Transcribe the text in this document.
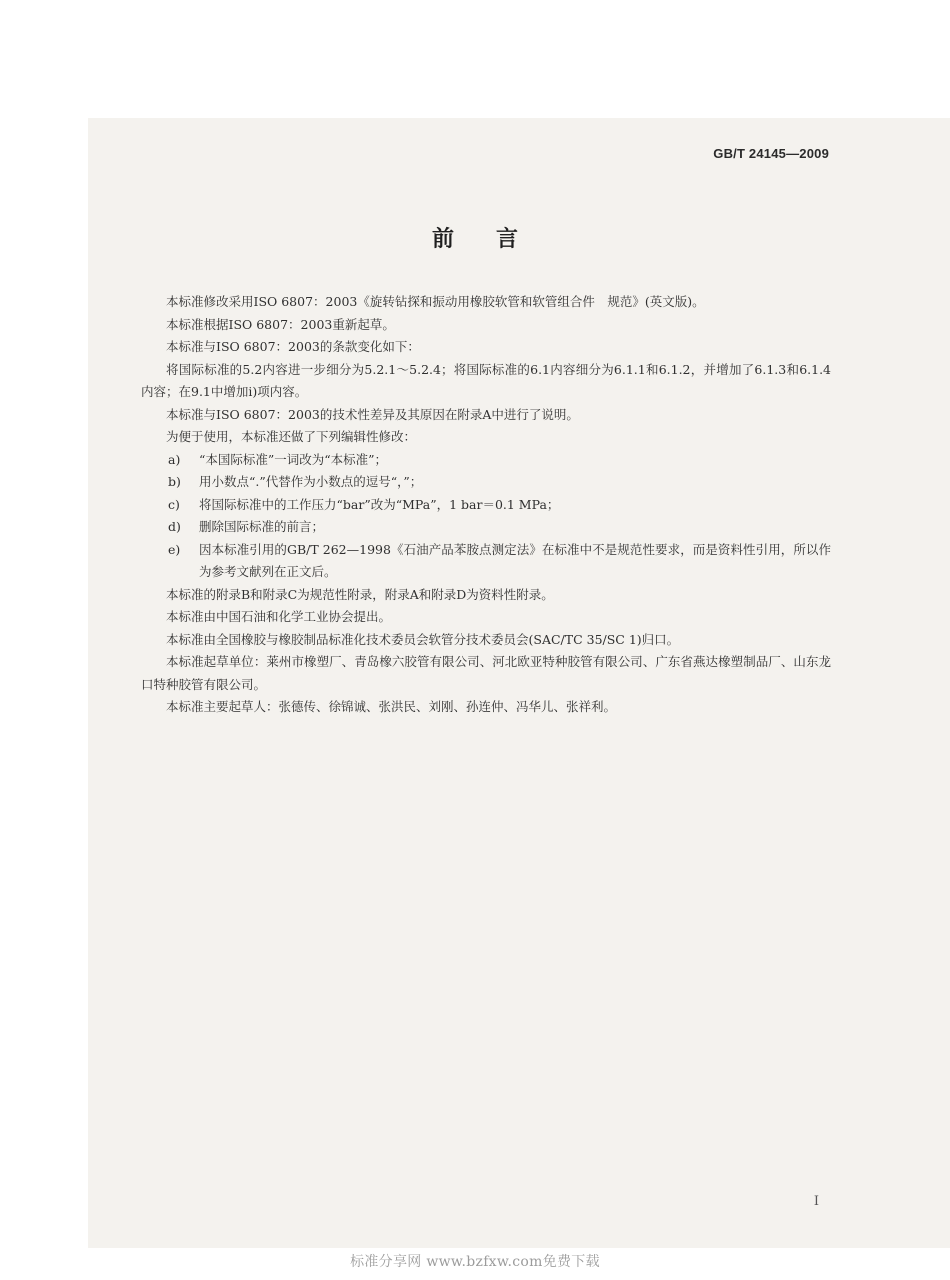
GB/T 24145—2009
前言

本标准修改采用ISO 6807：2003《旋转钻探和振动用橡胶软管和软管组合件　规范》(英文版)。

本标准根据ISO 6807：2003重新起草。

本标准与ISO 6807：2003的条款变化如下：

将国际标准的5.2内容进一步细分为5.2.1～5.2.4；将国际标准的6.1内容细分为6.1.1和6.1.2，并增加了6.1.3和6.1.4内容；在9.1中增加i)项内容。

本标准与ISO 6807：2003的技术性差异及其原因在附录A中进行了说明。

为便于使用，本标准还做了下列编辑性修改：

a) “本国际标准”一词改为“本标准”；
b) 用小数点“.”代替作为小数点的逗号“，”；
c) 将国际标准中的工作压力“bar”改为“MPa”，1 bar＝0.1 MPa；
d) 删除国际标准的前言；
e) 因本标准引用的GB/T 262—1998《石油产品苯胺点测定法》在标准中不是规范性要求，而是资料性引用，所以作为参考文献列在正文后。

本标准的附录B和附录C为规范性附录，附录A和附录D为资料性附录。

本标准由中国石油和化学工业协会提出。

本标准由全国橡胶与橡胶制品标准化技术委员会软管分技术委员会(SAC/TC 35/SC 1)归口。

本标准起草单位：莱州市橡塑厂、青岛橡六胶管有限公司、河北欧亚特种胶管有限公司、广东省燕达橡塑制品厂、山东龙口特种胶管有限公司。

本标准主要起草人：张德传、徐锦诚、张洪民、刘刚、孙连仲、冯华儿、张祥利。

I
标准分享网 www.bzfxw.com免费下载
